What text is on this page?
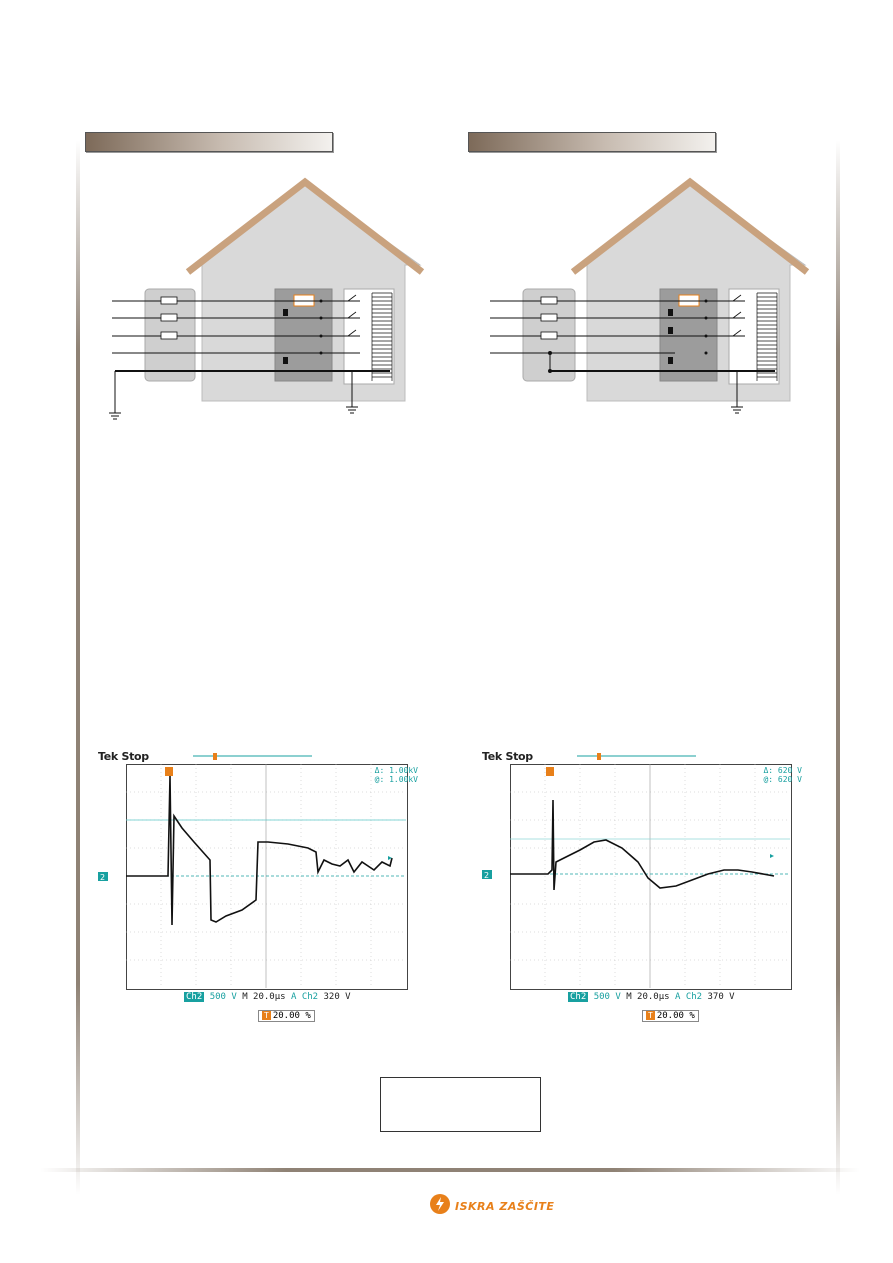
Tek Stop
2
Δ: 1.00kV
@: 1.00kV
Ch2 500 V M 20.0µs A Ch2 320 V
T 20.00 %
Tek Stop
2
Δ: 620 V
@: 620 V
Ch2 500 V M 20.0µs A Ch2 370 V
T 20.00 %
ISKRA ZAŠČITE
